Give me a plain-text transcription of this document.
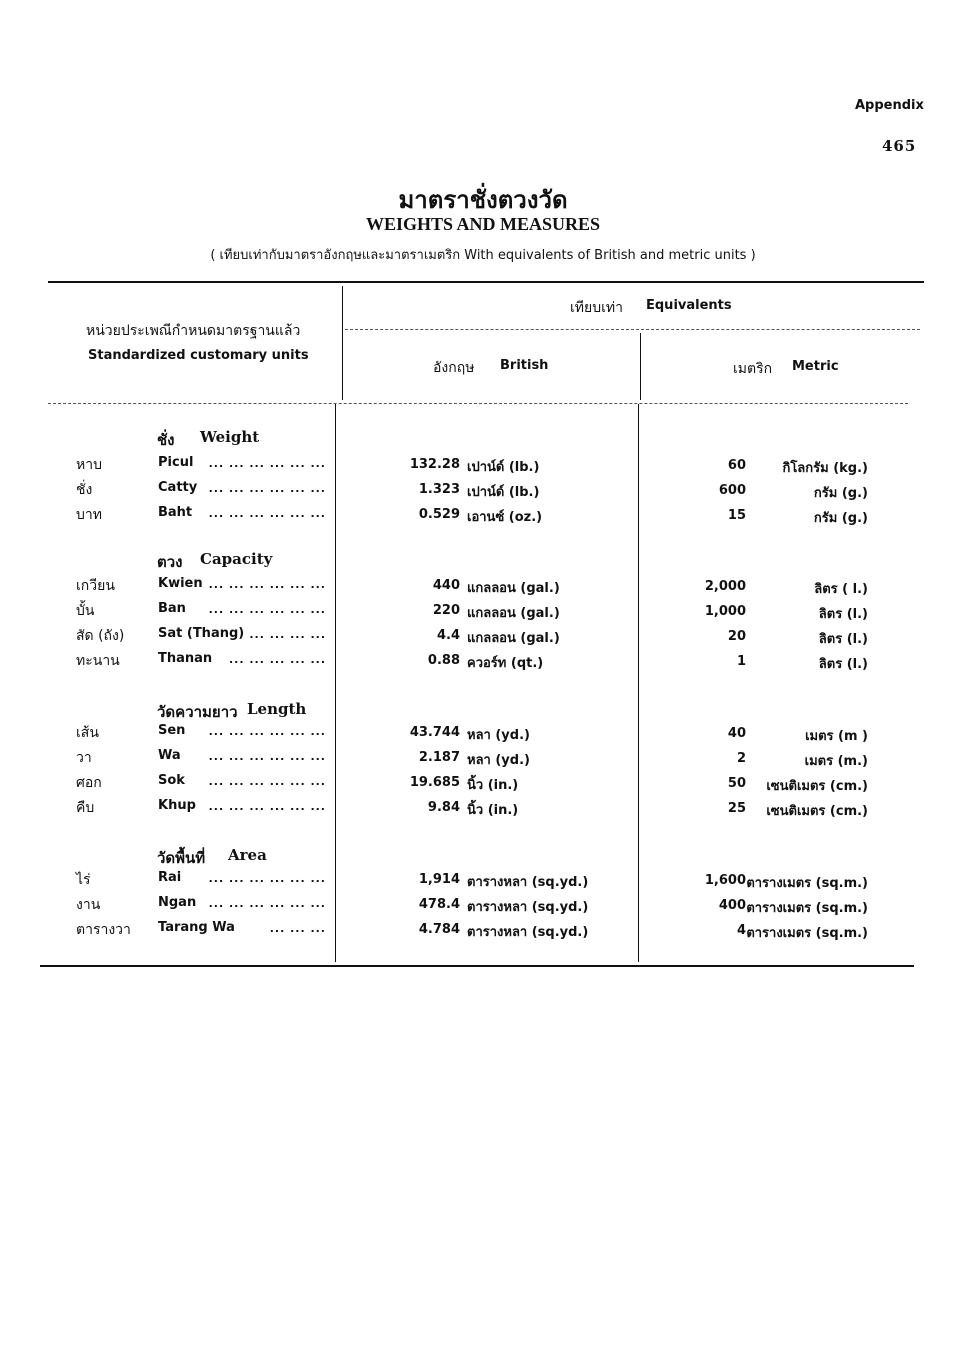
Appendix
465
มาตราชั่งตวงวัด
WEIGHTS AND MEASURES
( เทียบเท่ากับมาตราอังกฤษและมาตราเมตริก With equivalents of British and metric units )
หน่วยประเพณีกำหนดมาตรฐานแล้ว
Standardized customary units
เทียบเท่า Equivalents
อังกฤษ British	เมตริก Metric
ชั่ง Weight
หาบ	Picul ... ... ... ... ... ...	132.28 เปาน์ด์ (lb.)	60	กิโลกรัม (kg.)
ชั่ง	Catty ... ... ... ... ... ...	1.323 เปาน์ด์ (lb.)	600	กรัม (g.)
บาท	Baht ... ... ... ... ... ...	0.529 เอานซ์ (oz.)	15	กรัม (g.)
ตวง Capacity
เกวียน	Kwien ... ... ... ... ... ...	440 แกลลอน (gal.)	2,000	ลิตร ( l.)
บั้น	Ban ... ... ... ... ... ...	220 แกลลอน (gal.)	1,000	ลิตร (l.)
สัด (ถัง)	Sat (Thang) ... ... ... ...	4.4 แกลลอน (gal.)	20	ลิตร (l.)
ทะนาน	Thanan ... ... ... ... ...	0.88 ควอร์ท (qt.)	1	ลิตร (l.)
วัดความยาว Length
เส้น	Sen ... ... ... ... ... ...	43.744 หลา (yd.)	40	เมตร (m )
วา	Wa	... ... ... ... ... ...	2.187 หลา (yd.)	2	เมตร (m.)
ศอก	Sok ... ... ... ... ... ...	19.685 นิ้ว (in.)	50 เซนติเมตร (cm.)
คืบ	Khup ... ... ... ... ... ...	9.84 นิ้ว (in.)	25 เซนติเมตร (cm.)
วัดพื้นที่ Area
ไร่	Rai ... ... ... ... ... ...	1,914 ตารางหลา (sq.yd.)	1,600 ตารางเมตร (sq.m.)
งาน	Ngan ... ... ... ... ... ...	478.4 ตารางหลา (sq.yd.)	400 ตารางเมตร (sq.m.)
ตารางวา Tarang Wa	... ... ...	4.784 ตารางหลา (sq.yd.)	4 ตารางเมตร (sq.m.)
